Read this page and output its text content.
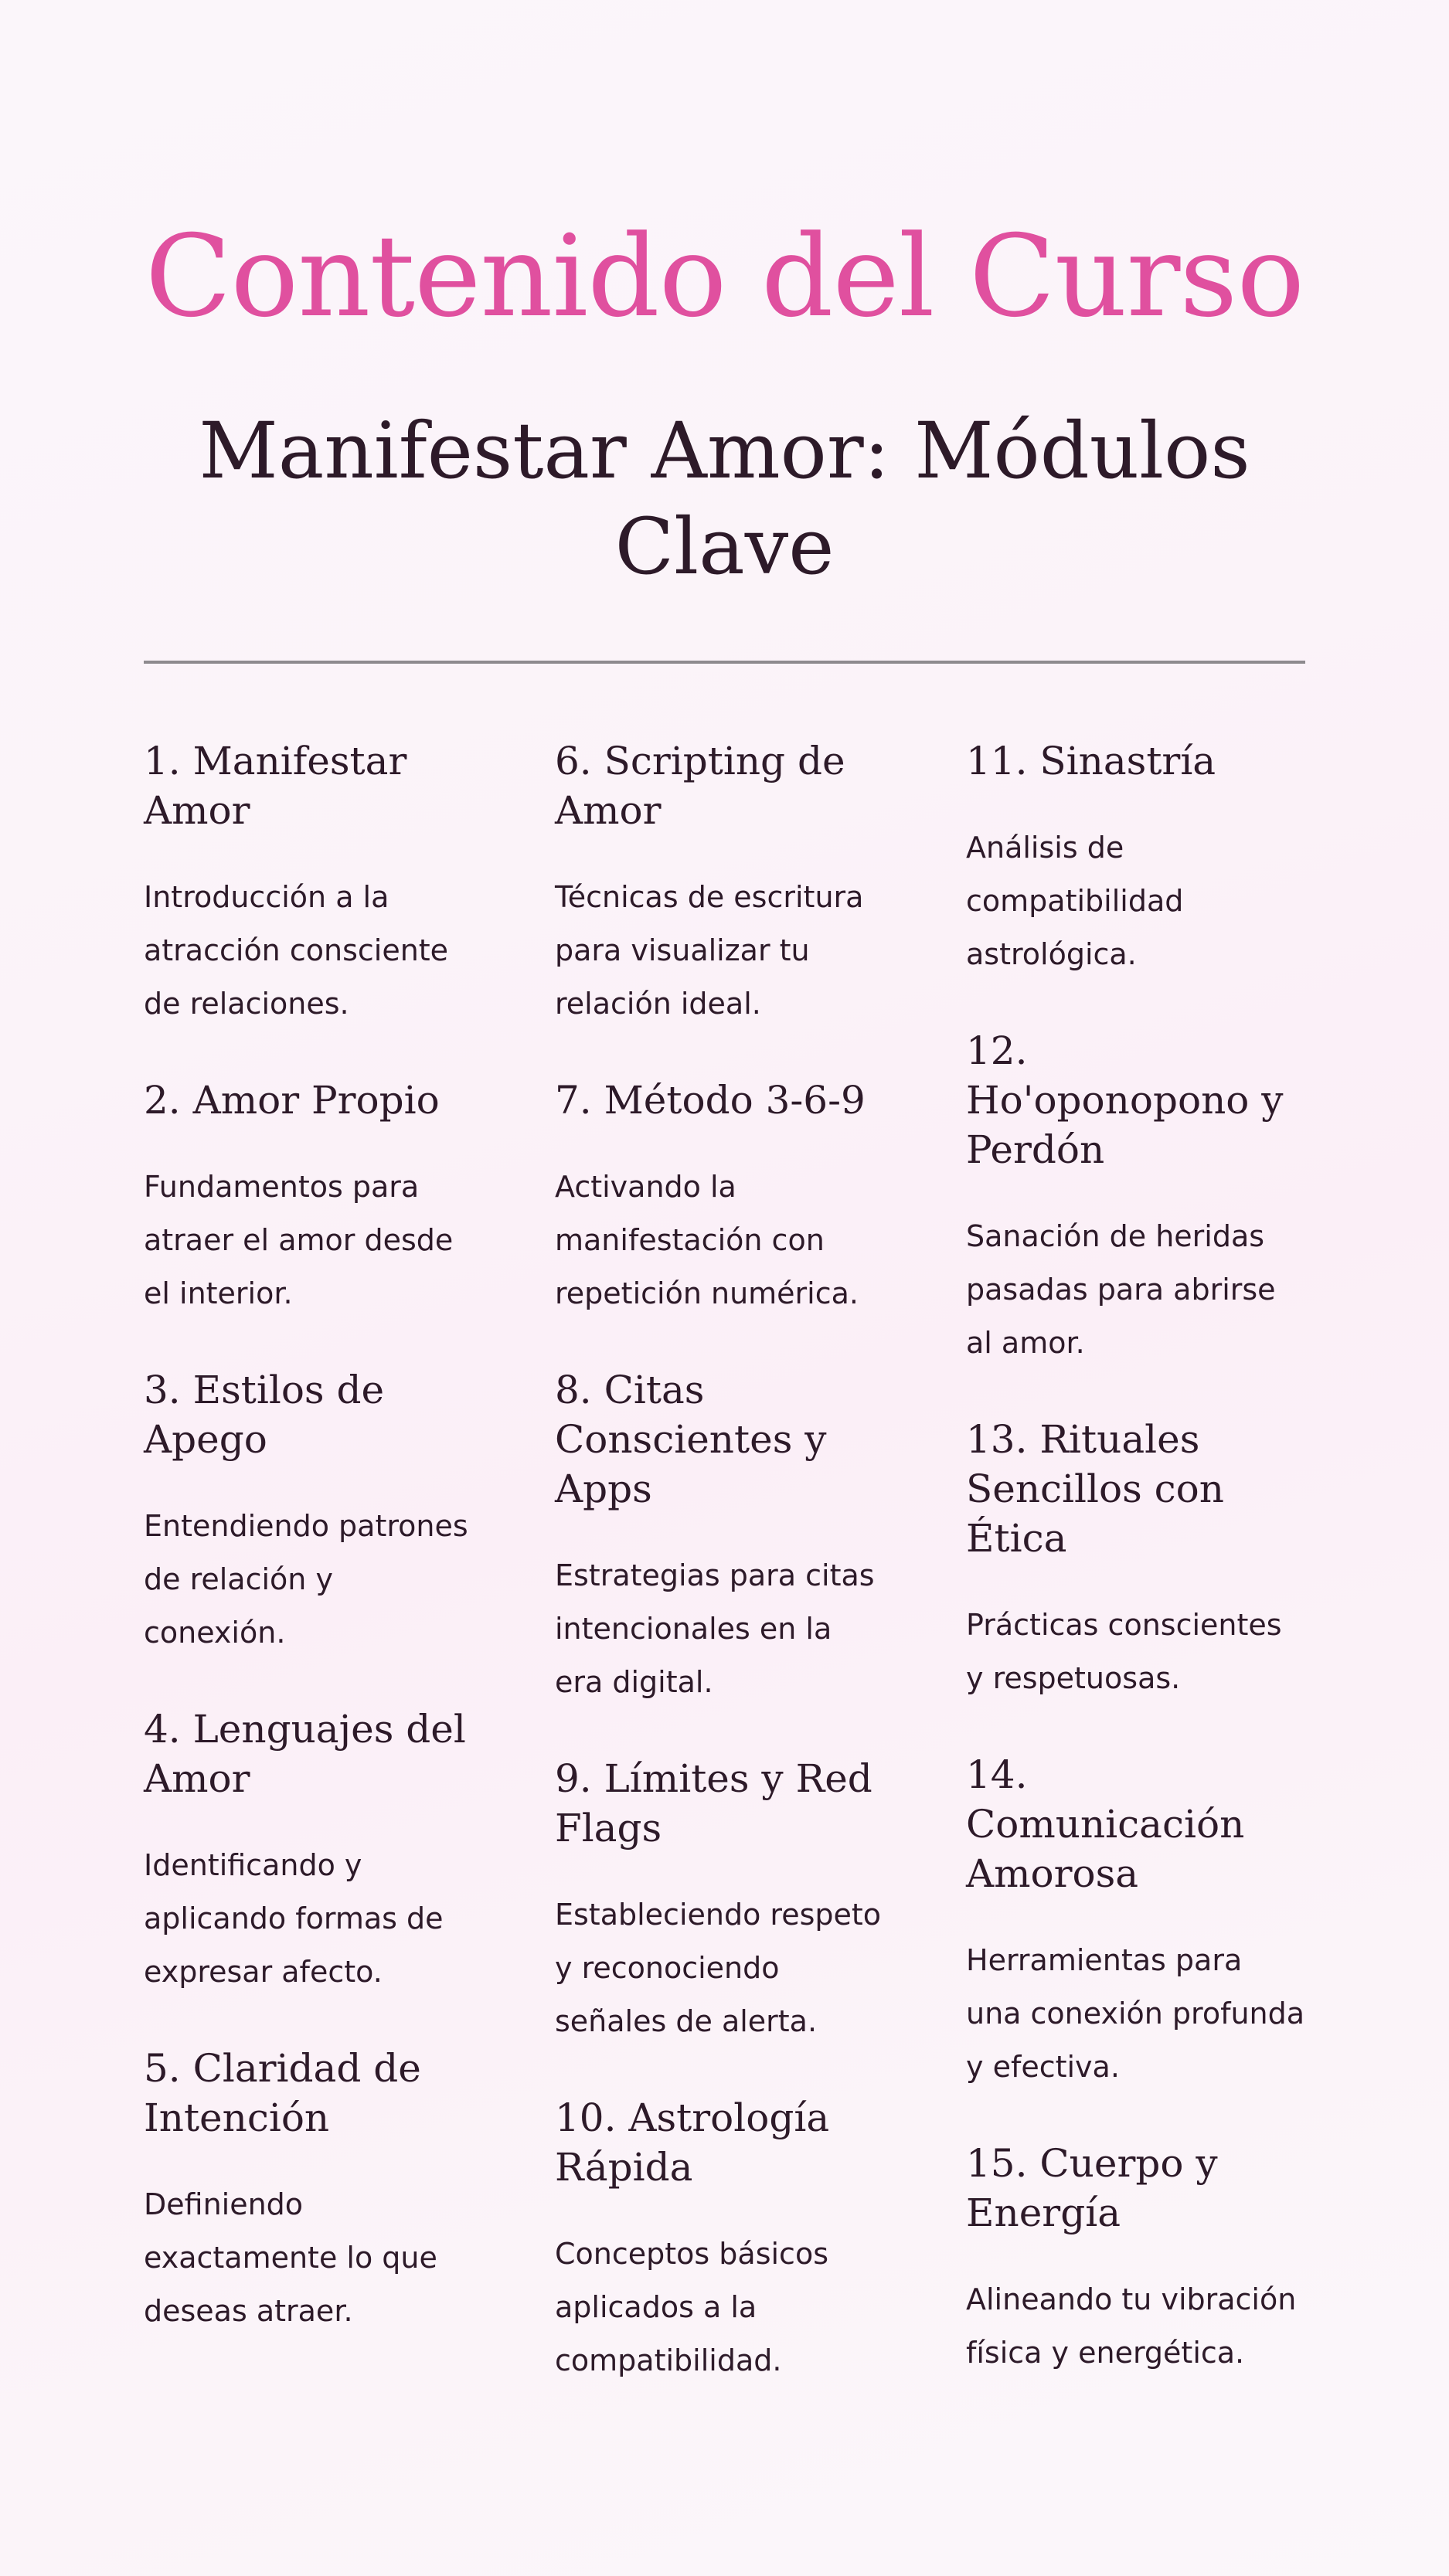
Contenido del Curso
Manifestar Amor: Módulos Clave
1. Manifestar Amor

Introducción a la atracción consciente de relaciones.

2. Amor Propio

Fundamentos para atraer el amor desde el interior.

3. Estilos de Apego

Entendiendo patrones de relación y conexión.

4. Lenguajes del Amor

Identificando y aplicando formas de expresar afecto.

5. Claridad de Intención

Definiendo exactamente lo que deseas atraer.

6. Scripting de Amor

Técnicas de escritura para visualizar tu relación ideal.

7. Método 3-6-9

Activando la manifestación con repetición numérica.

8. Citas Conscientes y Apps

Estrategias para citas intencionales en la era digital.

9. Límites y Red Flags

Estableciendo respeto y reconociendo señales de alerta.

10. Astrología Rápida

Conceptos básicos aplicados a la compatibilidad.

11. Sinastría

Análisis de compatibilidad astrológica.

12. Ho'oponopono y Perdón

Sanación de heridas pasadas para abrirse al amor.

13. Rituales Sencillos con Ética

Prácticas conscientes y respetuosas.

14. Comunicación Amorosa

Herramientas para una conexión profunda y efectiva.

15. Cuerpo y Energía

Alineando tu vibración física y energética.
